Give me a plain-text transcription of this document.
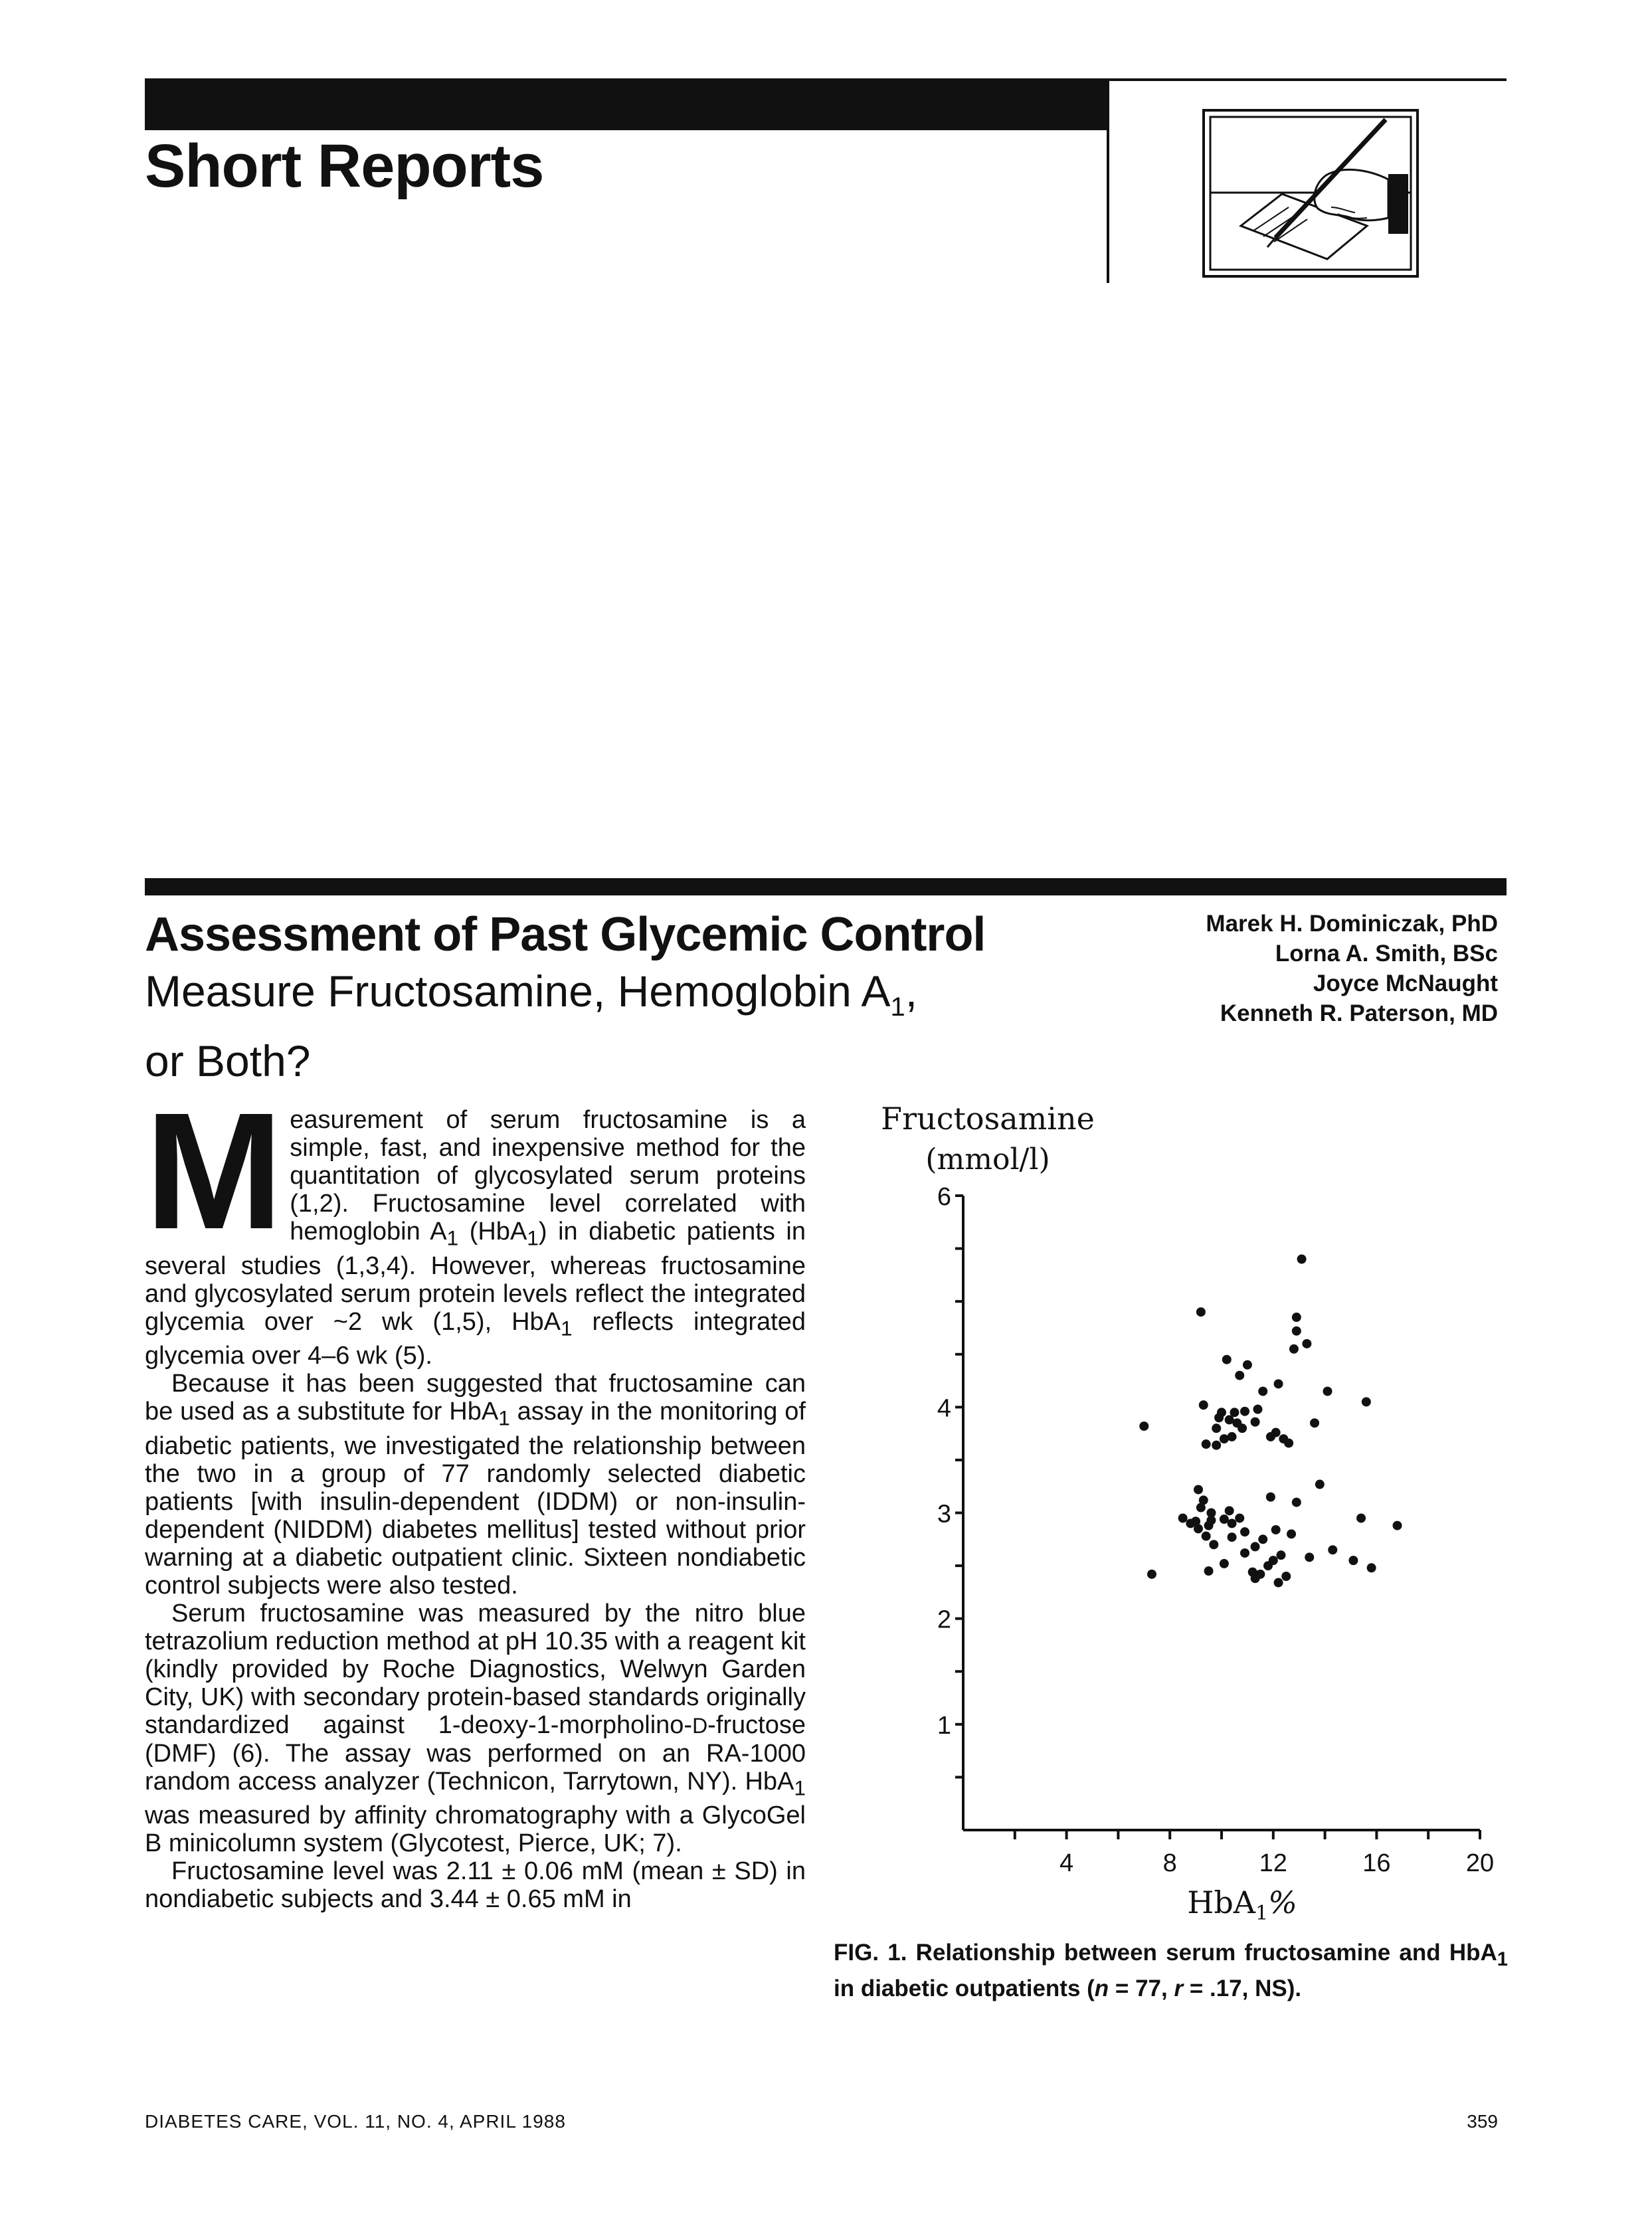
Short Reports
Assessment of Past Glycemic Control
Measure Fructosamine, Hemoglobin $A_1$,
or Both?
Marek H. Dominiczak, PhD
Lorna A. Smith, BSc
Joyce McNaught
Kenneth R. Paterson, MD

Measurement of serum fructosamine is a simple, fast, and inexpensive method for the quantitation of glycosylated serum proteins (1,2). Fructosamine level correlated with hemoglobin $A_1$ (HbA$_1$) in diabetic patients in several studies (1,3,4). However, whereas fructosamine and glycosylated serum protein levels reflect the integrated glycemia over ~2 wk (1,5), HbA$_1$ reflects integrated glycemia over 4–6 wk (5).

Because it has been suggested that fructosamine can be used as a substitute for HbA$_1$ assay in the monitoring of diabetic patients, we investigated the relationship between the two in a group of 77 randomly selected diabetic patients [with insulin-dependent (IDDM) or non-insulin-dependent (NIDDM) diabetes mellitus] tested without prior warning at a diabetic outpatient clinic. Sixteen nondiabetic control subjects were also tested.

Serum fructosamine was measured by the nitro blue tetrazolium reduction method at pH 10.35 with a reagent kit (kindly provided by Roche Diagnostics, Welwyn Garden City, UK) with secondary protein-based standards originally standardized against 1-deoxy-1-morpholino-D-fructose (DMF) (6). The assay was performed on an RA-1000 random access analyzer (Technicon, Tarrytown, NY). HbA$_1$ was measured by affinity chromatography with a GlycoGel B minicolumn system (Glycotest, Pierce, UK; 7).

Fructosamine level was 2.11 ± 0.06 mM (mean ± SD) in nondiabetic subjects and 3.44 ± 0.65 mM in

Fructosamine
(mmol/l)
1
2
3
4
6
4	8	12	16	20
HbA$_1$%
FIG. 1. Relationship between serum fructosamine and HbA$_1$ in diabetic outpatients (n = 77, r = .17, NS).
DIABETES CARE, VOL. 11, NO. 4, APRIL 1988	359
